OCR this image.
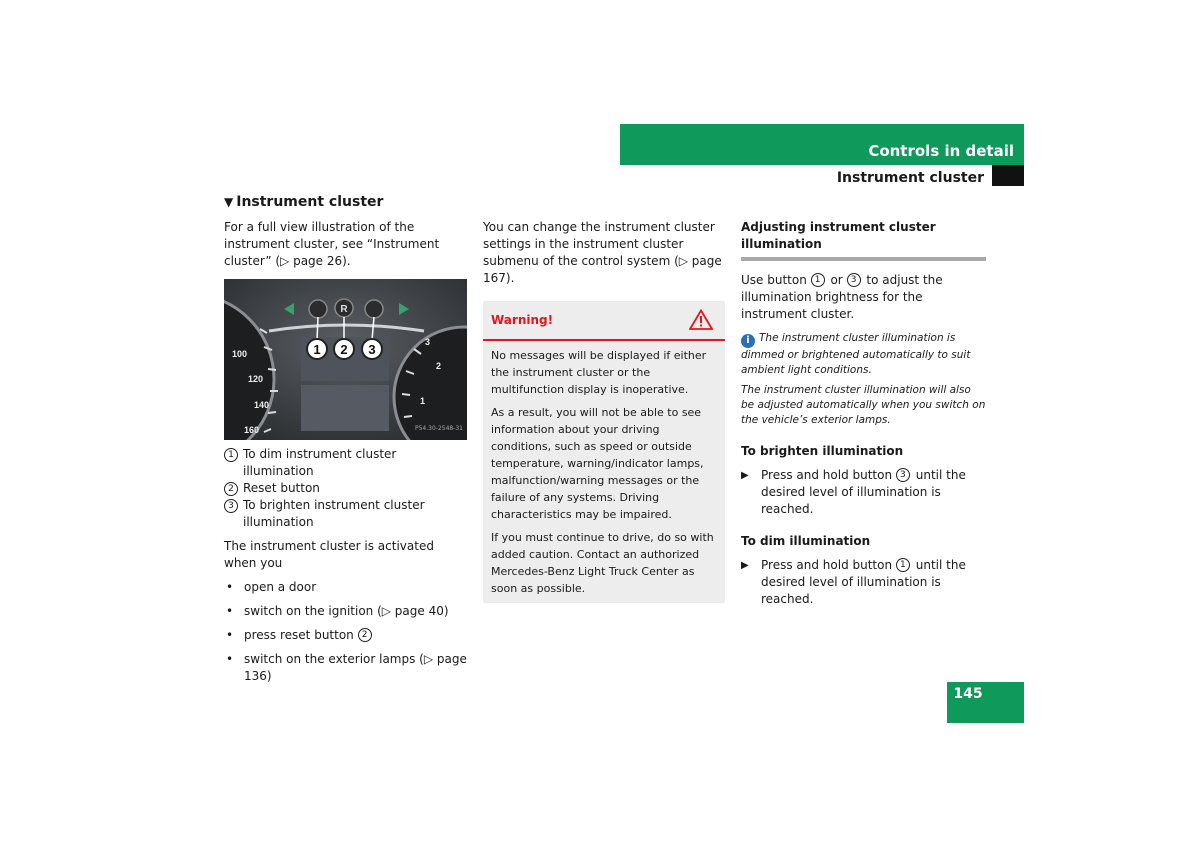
Controls in detail
Instrument cluster
▼ Instrument cluster

For a full view illustration of the instrument cluster, see “Instrument cluster” (▷ page 26).

R
1 2 3
100
120
140
160
3
2
1
P54.30-2548-31
1 To dim instrument cluster illumination
2 Reset button
3 To brighten instrument cluster illumination

The instrument cluster is activated when you

• open a door
• switch on the ignition (▷ page 40)
• press reset button 2
• switch on the exterior lamps (▷ page 136)

You can change the instrument cluster settings in the instrument cluster submenu of the control system (▷ page 167).

Warning!

No messages will be displayed if either the instrument cluster or the multifunction display is inoperative.

As a result, you will not be able to see information about your driving conditions, such as speed or outside temperature, warning/indicator lamps, malfunction/warning messages or the failure of any systems. Driving characteristics may be impaired.

If you must continue to drive, do so with added caution. Contact an authorized Mercedes-Benz Light Truck Center as soon as possible.

Adjusting instrument cluster illumination

Use button 1 or 3 to adjust the illumination brightness for the instrument cluster.

i The instrument cluster illumination is dimmed or brightened automatically to suit ambient light conditions.

The instrument cluster illumination will also be adjusted automatically when you switch on the vehicle’s exterior lamps.

To brighten illumination

▶ Press and hold button 3 until the desired level of illumination is reached.

To dim illumination

▶ Press and hold button 1 until the desired level of illumination is reached.

145
